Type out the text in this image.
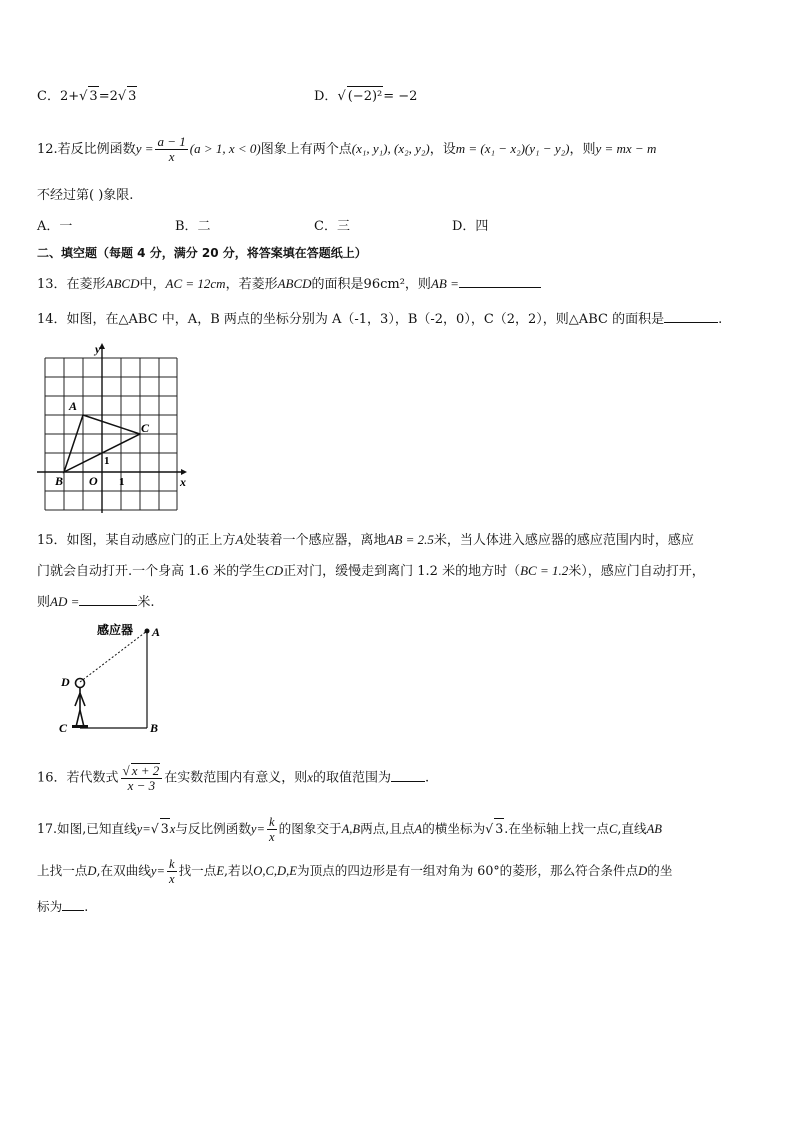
C．2+√ 3=2√ 3	D．√ (−2)²= −2
12.若反比例函数$y = \frac{a - 1}{x} (a > 1$, x < 0)图象上有两个点(x₁, y₁), (x₂, y₂)，设m = (x₁ − x₂)(y₁ − y₂)，则y = mx − m
不经过第( )象限.
A．一	B．二	C．三	D．四
二、填空题（每题 4 分，满分 20 分，将答案填在答题纸上）
13．在菱形ABCD中，AC = 12cm，若菱形ABCD的面积是96cm²，则AB =
14．如图，在△ABC 中，A，B 两点的坐标分别为 A（-1，3），B（-2，0），C（2，2），则△ABC 的面积是	.
y
x
A
B
C
O 1
1
15．如图，某自动感应门的正上方A处装着一个感应器，离地AB = 2.5米，当人体进入感应器的感应范围内时，感应
门就会自动打开.一个身高 1.6 米的学生CD正对门，缓慢走到离门 1.2 米的地方时（BC = 1.2米），感应门自动打开，
则AD =	米.
感应器 A
D
C	B
16．若代数式 $\frac{√ x + 2}{x - 3}$ 在实数范围内有意义，则x的取值范围为	.
17.如图,已知直线y=√ 3x与反比例函数$y= \frac{k}{x}$ 的图象交于A,B两点,且点A的横坐标为√ 3.在坐标轴上找一点C,直线AB
上找一点D,在双曲线$y= \frac{k}{x}$ 找一点E,若以O,C,D,E为顶点的四边形是有一组对角为 60°的菱形，那么符合条件点D的坐
标为 .
